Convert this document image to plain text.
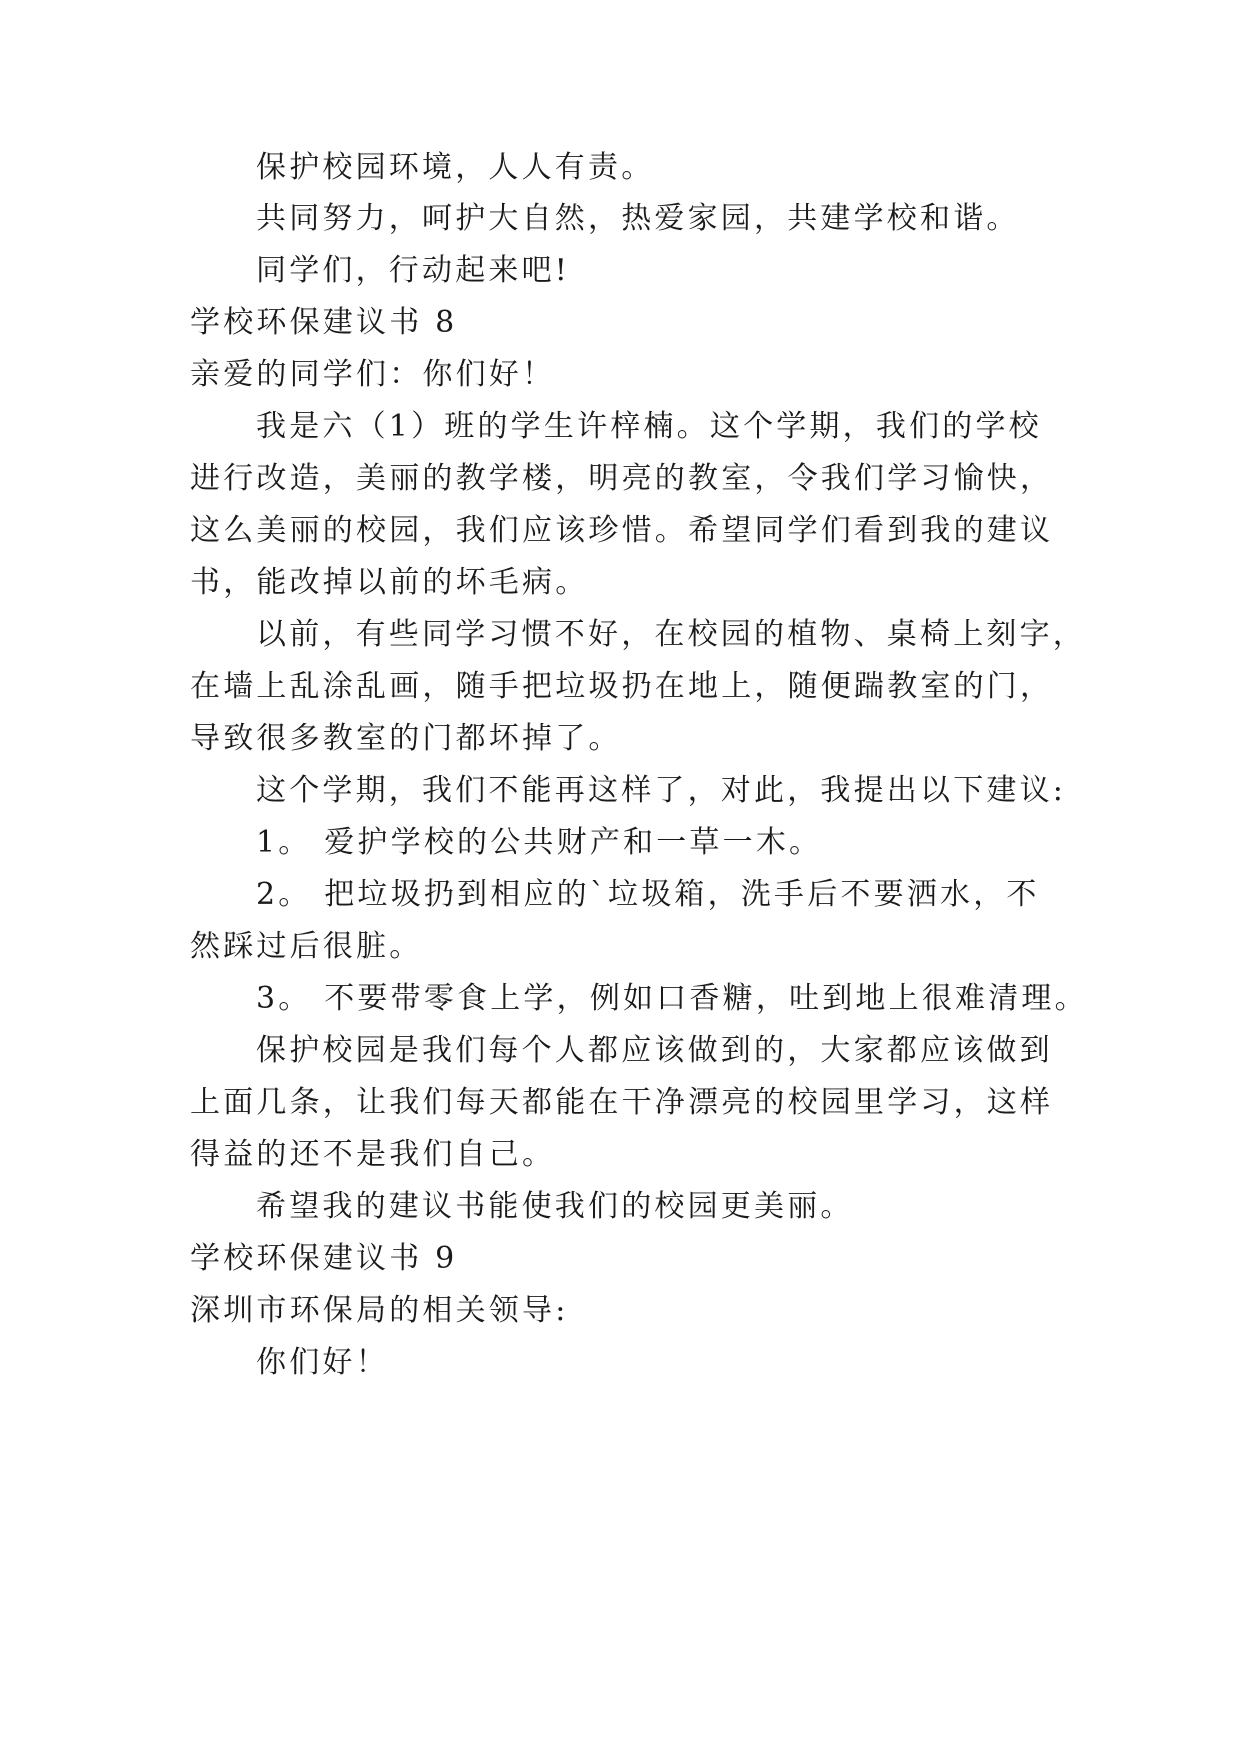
保护校园环境，人人有责。
共同努力，呵护大自然，热爱家园，共建学校和谐。
同学们，行动起来吧!
学校环保建议书 8
亲爱的同学们：你们好！
我是六（1）班的学生许梓楠。这个学期，我们的学校
进行改造，美丽的教学楼，明亮的教室，令我们学习愉快，
这么美丽的校园，我们应该珍惜。希望同学们看到我的建议
书，能改掉以前的坏毛病。
以前，有些同学习惯不好，在校园的植物、桌椅上刻字，
在墙上乱涂乱画，随手把垃圾扔在地上，随便踹教室的门，
导致很多教室的门都坏掉了。
这个学期，我们不能再这样了，对此，我提出以下建议:
1。 爱护学校的公共财产和一草一木。
2。 把垃圾扔到相应的`垃圾箱，洗手后不要洒水，不
然踩过后很脏。
3。 不要带零食上学，例如口香糖，吐到地上很难清理。
保护校园是我们每个人都应该做到的，大家都应该做到
上面几条，让我们每天都能在干净漂亮的校园里学习，这样
得益的还不是我们自己。
希望我的建议书能使我们的校园更美丽。
学校环保建议书 9
深圳市环保局的相关领导:
你们好！
